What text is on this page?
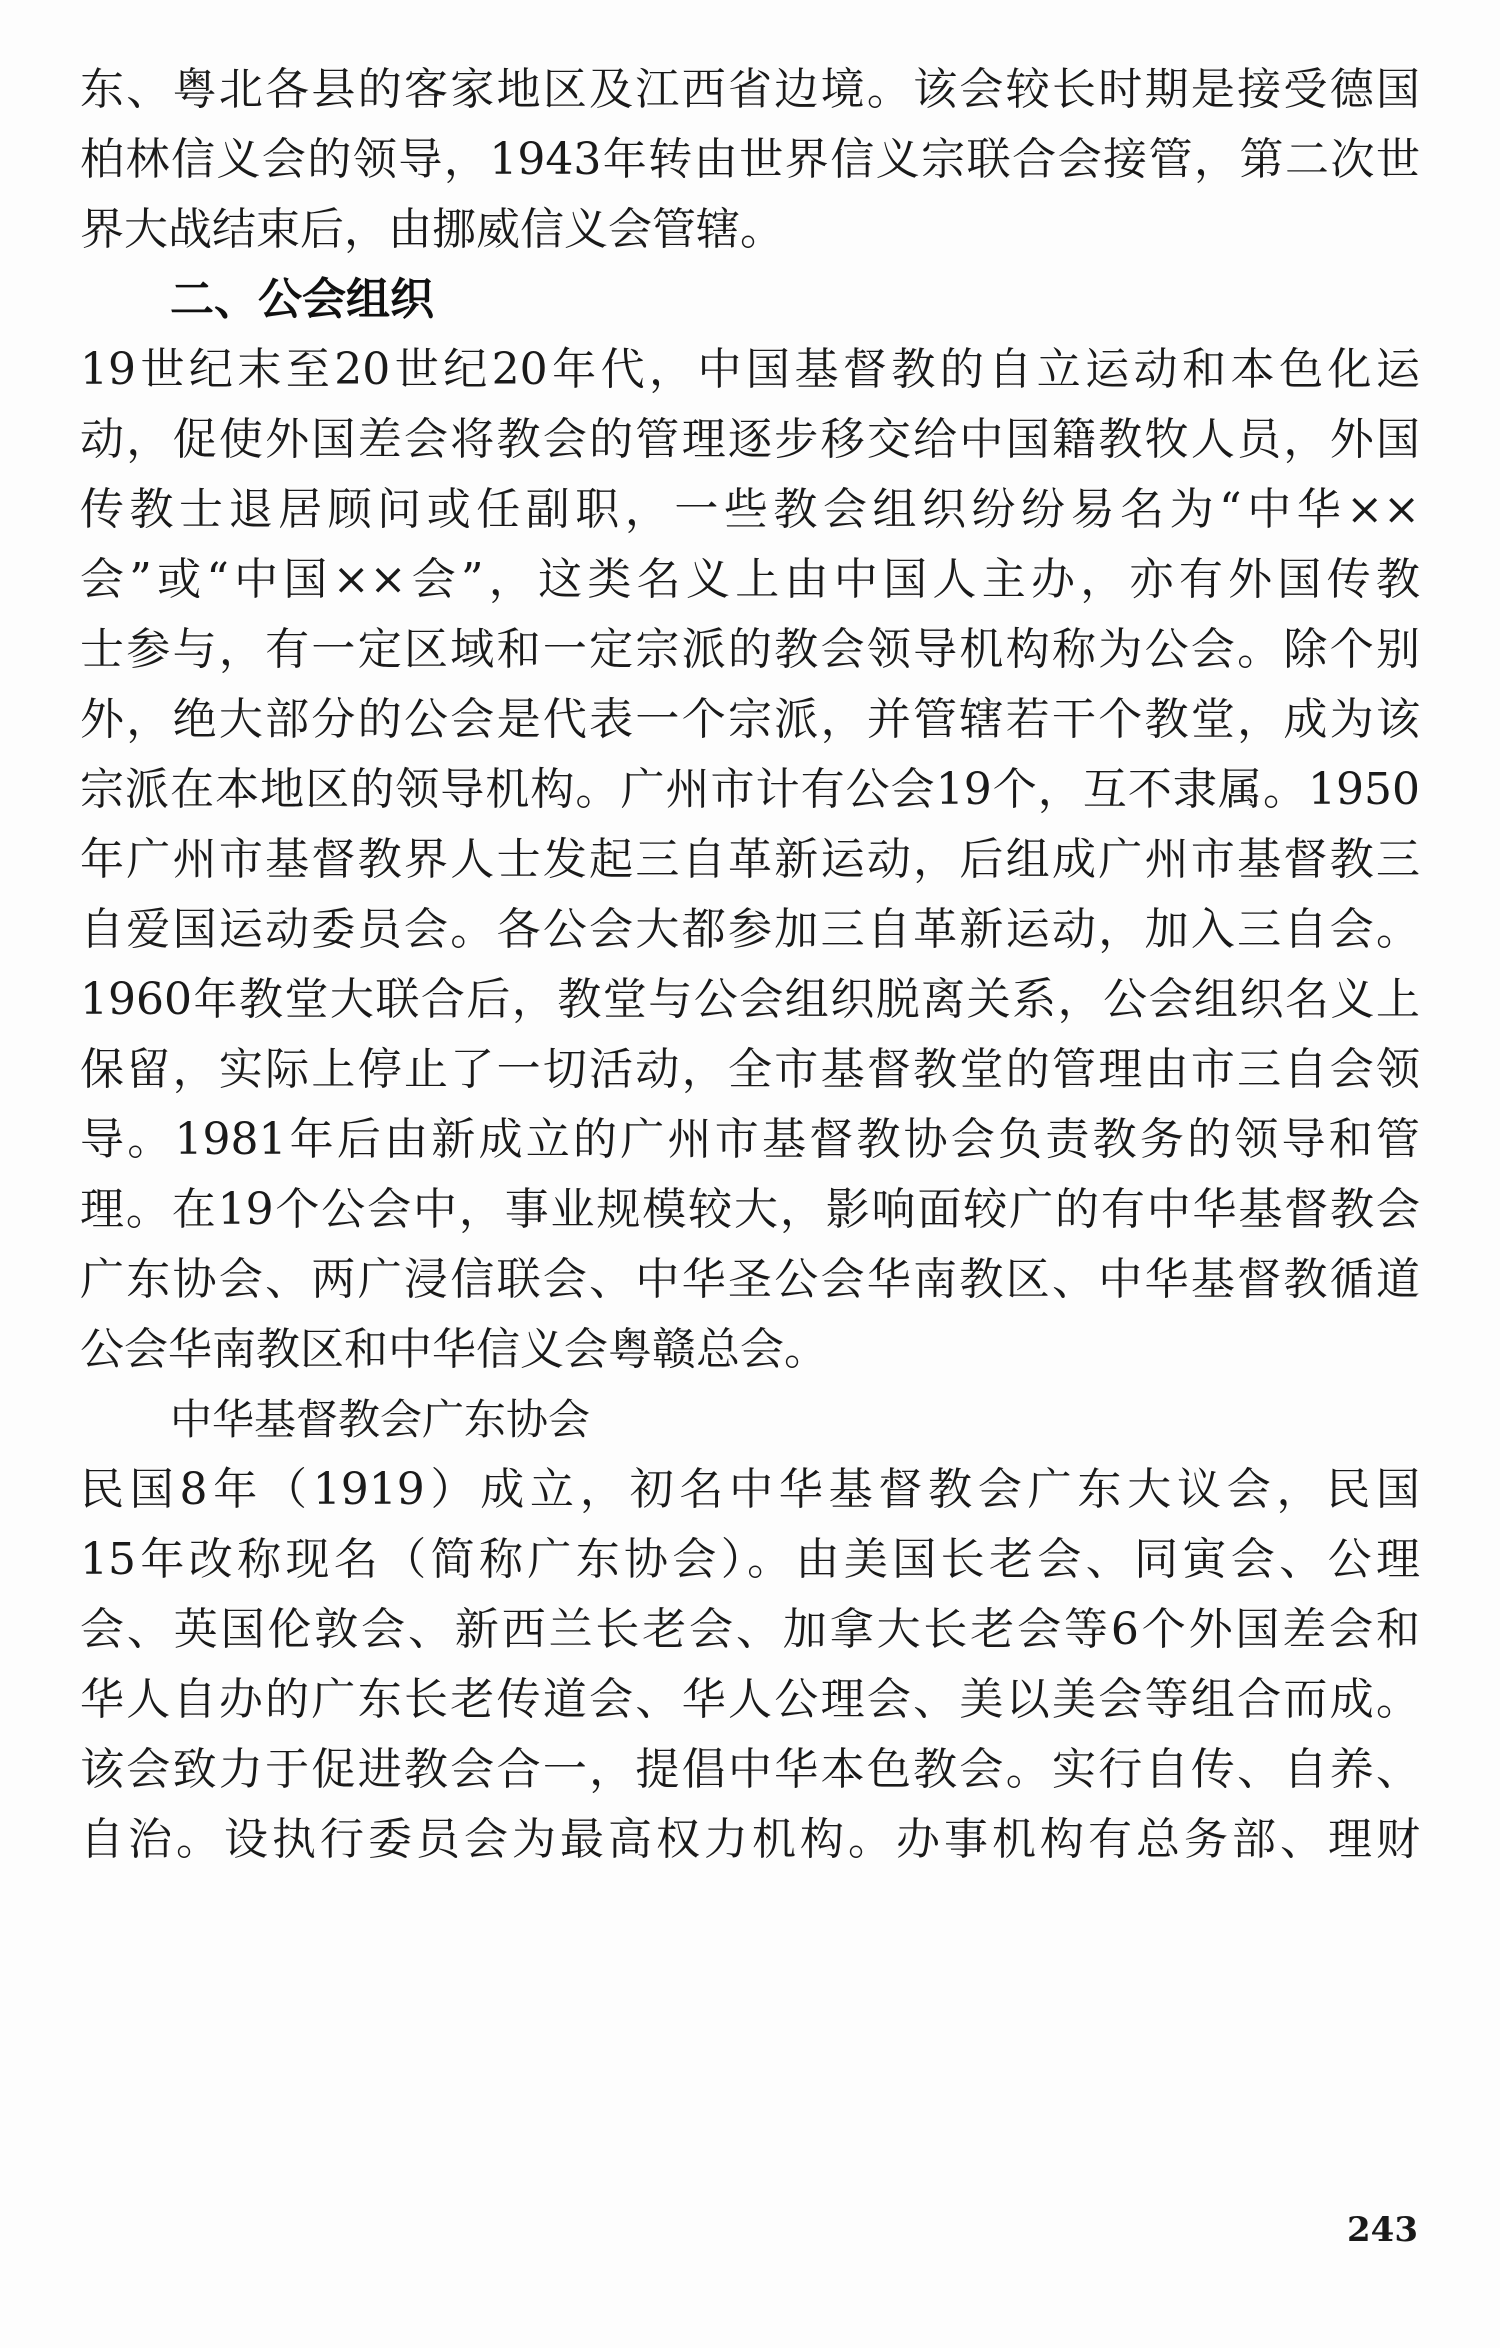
东、粤北各县的客家地区及江西省边境。该会较长时期是接受德国
柏林信义会的领导，1943年转由世界信义宗联合会接管，第二次世
界大战结束后，由挪威信义会管辖。
二、公会组织
19世纪末至20世纪20年代，中国基督教的自立运动和本色化运
动，促使外国差会将教会的管理逐步移交给中国籍教牧人员，外国
传教士退居顾问或任副职，一些教会组织纷纷易名为“中华××
会”或“中国××会”，这类名义上由中国人主办，亦有外国传教
士参与，有一定区域和一定宗派的教会领导机构称为公会。除个别
外，绝大部分的公会是代表一个宗派，并管辖若干个教堂，成为该
宗派在本地区的领导机构。广州市计有公会19个，互不隶属。1950
年广州市基督教界人士发起三自革新运动，后组成广州市基督教三
自爱国运动委员会。各公会大都参加三自革新运动，加入三自会。
1960年教堂大联合后，教堂与公会组织脱离关系，公会组织名义上
保留，实际上停止了一切活动，全市基督教堂的管理由市三自会领
导。1981年后由新成立的广州市基督教协会负责教务的领导和管
理。在19个公会中，事业规模较大，影响面较广的有中华基督教会
广东协会、两广浸信联会、中华圣公会华南教区、中华基督教循道
公会华南教区和中华信义会粤赣总会。
中华基督教会广东协会
民国8年（1919）成立，初名中华基督教会广东大议会，民国
15年改称现名（简称广东协会）。由美国长老会、同寅会、公理
会、英国伦敦会、新西兰长老会、加拿大长老会等6个外国差会和
华人自办的广东长老传道会、华人公理会、美以美会等组合而成。
该会致力于促进教会合一，提倡中华本色教会。实行自传、自养、
自治。设执行委员会为最高权力机构。办事机构有总务部、理财
243
